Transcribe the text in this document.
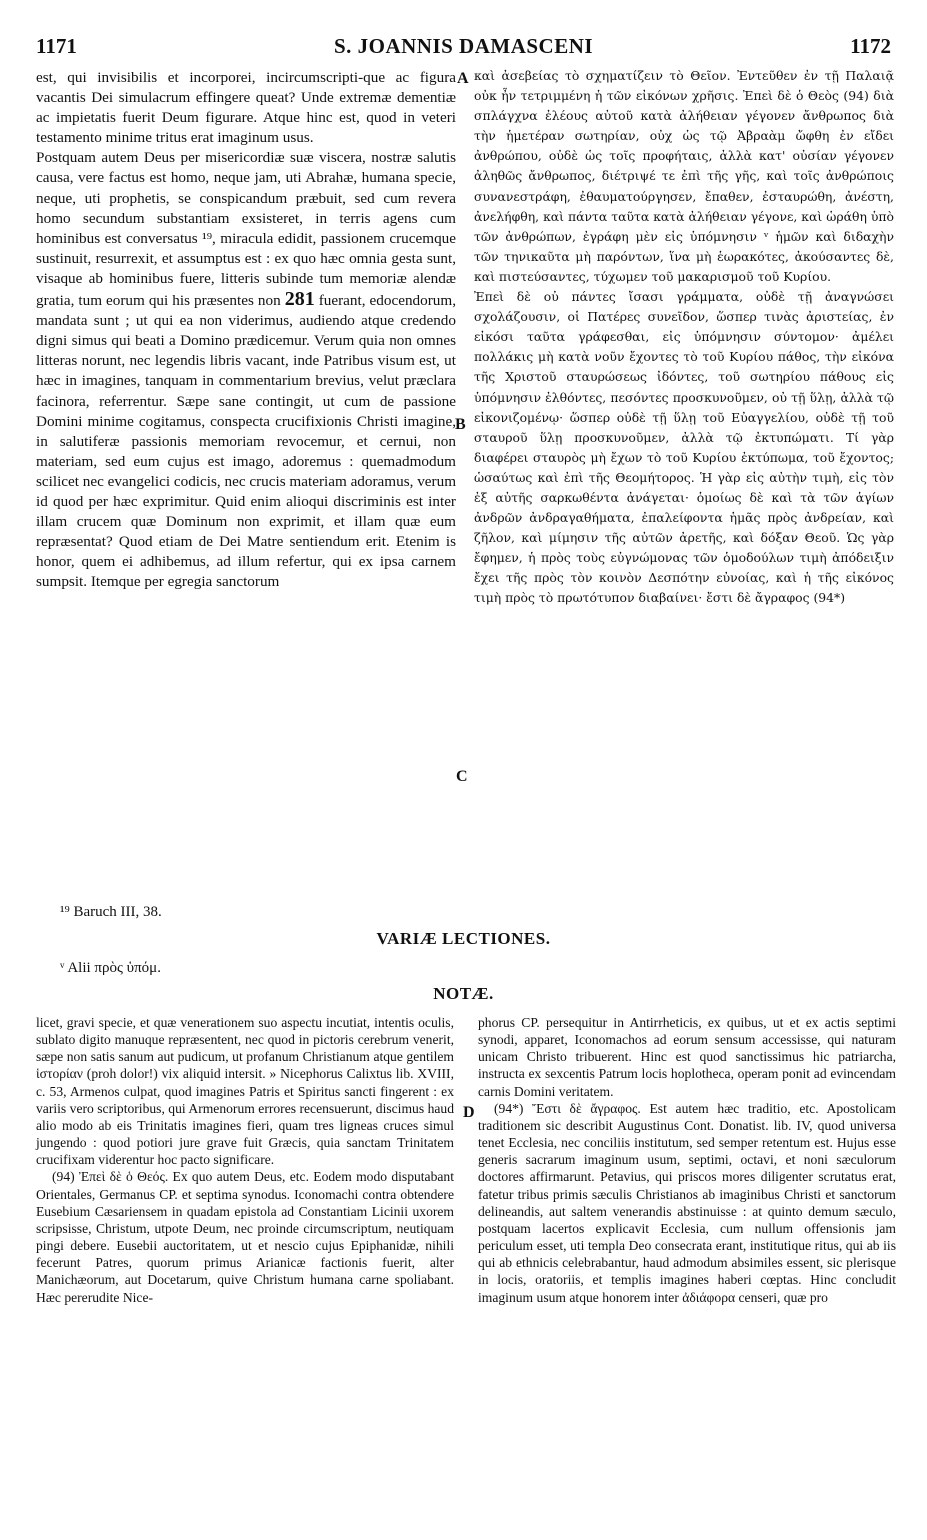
1171	S. JOANNIS DAMASCENI	1172

est, qui invisibilis et incorporei, incircumscripti-que ac figura vacantis Dei simulacrum effingere queat? Unde extremæ dementiæ ac impietatis fuerit Deum figurare. Atque hinc est, quod in veteri testamento minime tritus erat imaginum usus.

Postquam autem Deus per misericordiæ suæ viscera, nostræ salutis causa, vere factus est homo, neque jam, uti Abrahæ, humana specie, neque, uti prophetis, se conspicandum præbuit, sed cum revera homo secundum substantiam exsisteret, in terris agens cum hominibus est conversatus ¹⁹, miracula edidit, passionem crucemque sustinuit, resurrexit, et assumptus est : ex quo hæc omnia gesta sunt, visaque ab hominibus fuere, litteris subinde tum memoriæ alendæ gratia, tum eorum qui his præsentes non 281 fuerant, edocendorum, mandata sunt ; ut qui ea non viderimus, audiendo atque credendo digni simus qui beati a Domino prædicemur. Verum quia non omnes litteras norunt, nec legendis libris vacant, inde Patribus visum est, ut hæc in imagines, tanquam in commentarium brevius, velut præclara facinora, referrentur. Sæpe sane contingit, ut cum de passione Domini minime cogitamus, conspecta crucifixionis Christi imagine, in salutiferæ passionis memoriam revocemur, et cernui, non materiam, sed eum cujus est imago, adoremus : quemadmodum scilicet nec evangelici codicis, nec crucis materiam adoramus, verum id quod per hæc exprimitur. Quid enim alioqui discriminis est inter illam crucem quæ Dominum non exprimit, et illam quæ eum repræsentat? Quod etiam de Dei Matre sentiendum erit. Etenim is honor, quem ei adhibemus, ad illum refertur, qui ex ipsa carnem sumpsit. Itemque per egregia sanctorum

καὶ ἀσεβείας τὸ σχηματίζειν τὸ Θεῖον. Ἐντεῦθεν ἐν τῇ Παλαιᾷ οὐκ ἦν τετριμμένη ἡ τῶν εἰκόνων χρῆσις. Ἐπεὶ δὲ ὁ Θεὸς (94) διὰ σπλάγχνα ἐλέους αὐτοῦ κατὰ ἀλήθειαν γέγονεν ἄνθρωπος διὰ τὴν ἡμετέραν σωτηρίαν, οὐχ ὡς τῷ Ἀβραὰμ ὤφθη ἐν εἴδει ἀνθρώπου, οὐδὲ ὡς τοῖς προφήταις, ἀλλὰ κατ' οὐσίαν γέγονεν ἀληθῶς ἄνθρωπος, διέτριψέ τε ἐπὶ τῆς γῆς, καὶ τοῖς ἀνθρώποις συνανεστράφη, ἐθαυματούργησεν, ἔπαθεν, ἐσταυρώθη, ἀνέστη, ἀνελήφθη, καὶ πάντα ταῦτα κατὰ ἀλήθειαν γέγονε, καὶ ὡράθη ὑπὸ τῶν ἀνθρώπων, ἐγράφη μὲν εἰς ὑπόμνησιν ᵛ ἡμῶν καὶ διδαχὴν τῶν τηνικαῦτα μὴ παρόντων, ἵνα μὴ ἑωρακότες, ἀκούσαντες δὲ, καὶ πιστεύσαντες, τύχωμεν τοῦ μακαρισμοῦ τοῦ Κυρίου.

Ἐπεὶ δὲ οὐ πάντες ἴσασι γράμματα, οὐδὲ τῇ ἀναγνώσει σχολάζουσιν, οἱ Πατέρες συνεῖδον, ὥσπερ τινὰς ἀριστείας, ἐν εἰκόσι ταῦτα γράφεσθαι, εἰς ὑπόμνησιν σύντομον· ἀμέλει πολλάκις μὴ κατὰ νοῦν ἔχοντες τὸ τοῦ Κυρίου πάθος, τὴν εἰκόνα τῆς Χριστοῦ σταυρώσεως ἰδόντες, τοῦ σωτηρίου πάθους εἰς ὑπόμνησιν ἐλθόντες, πεσόντες προσκυνοῦμεν, οὐ τῇ ὕλῃ, ἀλλὰ τῷ εἰκονιζομένῳ· ὥσπερ οὐδὲ τῇ ὕλῃ τοῦ Εὐαγγελίου, οὐδὲ τῇ τοῦ σταυροῦ ὕλῃ προσκυνοῦμεν, ἀλλὰ τῷ ἐκτυπώματι. Τί γὰρ διαφέρει σταυρὸς μὴ ἔχων τὸ τοῦ Κυρίου ἐκτύπωμα, τοῦ ἔχοντος; ὡσαύτως καὶ ἐπὶ τῆς Θεομήτορος. Ἡ γὰρ εἰς αὐτὴν τιμὴ, εἰς τὸν ἐξ αὐτῆς σαρκωθέντα ἀνάγεται· ὁμοίως δὲ καὶ τὰ τῶν ἁγίων ἀνδρῶν ἀνδραγαθήματα, ἐπαλείφοντα ἡμᾶς πρὸς ἀνδρείαν, καὶ ζῆλον, καὶ μίμησιν τῆς αὐτῶν ἀρετῆς, καὶ δόξαν Θεοῦ. Ὡς γὰρ ἔφημεν, ἡ πρὸς τοὺς εὐγνώμονας τῶν ὁμοδούλων τιμὴ ἀπόδειξιν ἔχει τῆς πρὸς τὸν κοινὸν Δεσπότην εὐνοίας, καὶ ἡ τῆς εἰκόνος τιμὴ πρὸς τὸ πρωτότυπον διαβαίνει· ἔστι δὲ ἄγραφος (94*)

A
B
C
D
¹⁹ Baruch III, 38.
VARIÆ LECTIONES.
ᵛ Alii πρὸς ὑπόμ.
NOTÆ.

licet, gravi specie, et quæ venerationem suo aspectu incutiat, intentis oculis, sublato digito manuque repræsentent, nec quod in pictoris cerebrum venerit, sæpe non satis sanum aut pudicum, ut profanum Christianum atque gentilem ἱστορίαν (proh dolor!) vix aliquid intersit. » Nicephorus Calixtus lib. XVIII, c. 53, Armenos culpat, quod imagines Patris et Spiritus sancti fingerent : ex variis vero scriptoribus, qui Armenorum errores recensuerunt, discimus haud alio modo ab eis Trinitatis imagines fieri, quam tres ligneas cruces simul jungendo : quod potiori jure grave fuit Græcis, quia sanctam Trinitatem crucifixam viderentur hoc pacto significare.

(94) Ἐπεὶ δὲ ὁ Θεός. Ex quo autem Deus, etc. Eodem modo disputabant Orientales, Germanus CP. et septima synodus. Iconomachi contra obtendere Eusebium Cæsariensem in quadam epistola ad Constantiam Licinii uxorem scripsisse, Christum, utpote Deum, nec proinde circumscriptum, neutiquam pingi debere. Eusebii auctoritatem, ut et nescio cujus Epiphanidæ, nihili fecerunt Patres, quorum primus Arianicæ factionis fuerit, alter Manichæorum, aut Docetarum, quive Christum humana carne spoliabant. Hæc pererudite Nice-

phorus CP. persequitur in Antirrheticis, ex quibus, ut et ex actis septimi synodi, apparet, Iconomachos ad eorum sensum accessisse, qui naturam unicam Christo tribuerent. Hinc est quod sanctissimus hic patriarcha, instructa ex sexcentis Patrum locis hoplotheca, operam ponit ad evincendam carnis Domini veritatem.

(94*) Ἔστι δὲ ἄγραφος. Est autem hæc traditio, etc. Apostolicam traditionem sic describit Augustinus Cont. Donatist. lib. IV, quod universa tenet Ecclesia, nec conciliis institutum, sed semper retentum est. Hujus esse generis sacrarum imaginum usum, septimi, octavi, et noni sæculorum doctores affirmarunt. Petavius, qui priscos mores diligenter scrutatus erat, fatetur tribus primis sæculis Christianos ab imaginibus Christi et sanctorum delineandis, aut saltem venerandis abstinuisse : at quinto demum sæculo, postquam lacertos explicavit Ecclesia, cum nullum offensionis jam periculum esset, uti templa Deo consecrata erant, institutique ritus, qui ab iis qui ab ethnicis celebrabantur, haud admodum absimiles essent, sic plerisque in locis, oratoriis, et templis imagines haberi cœptas. Hinc concludit imaginum usum atque honorem inter ἀδιάφορα censeri, quæ pro
